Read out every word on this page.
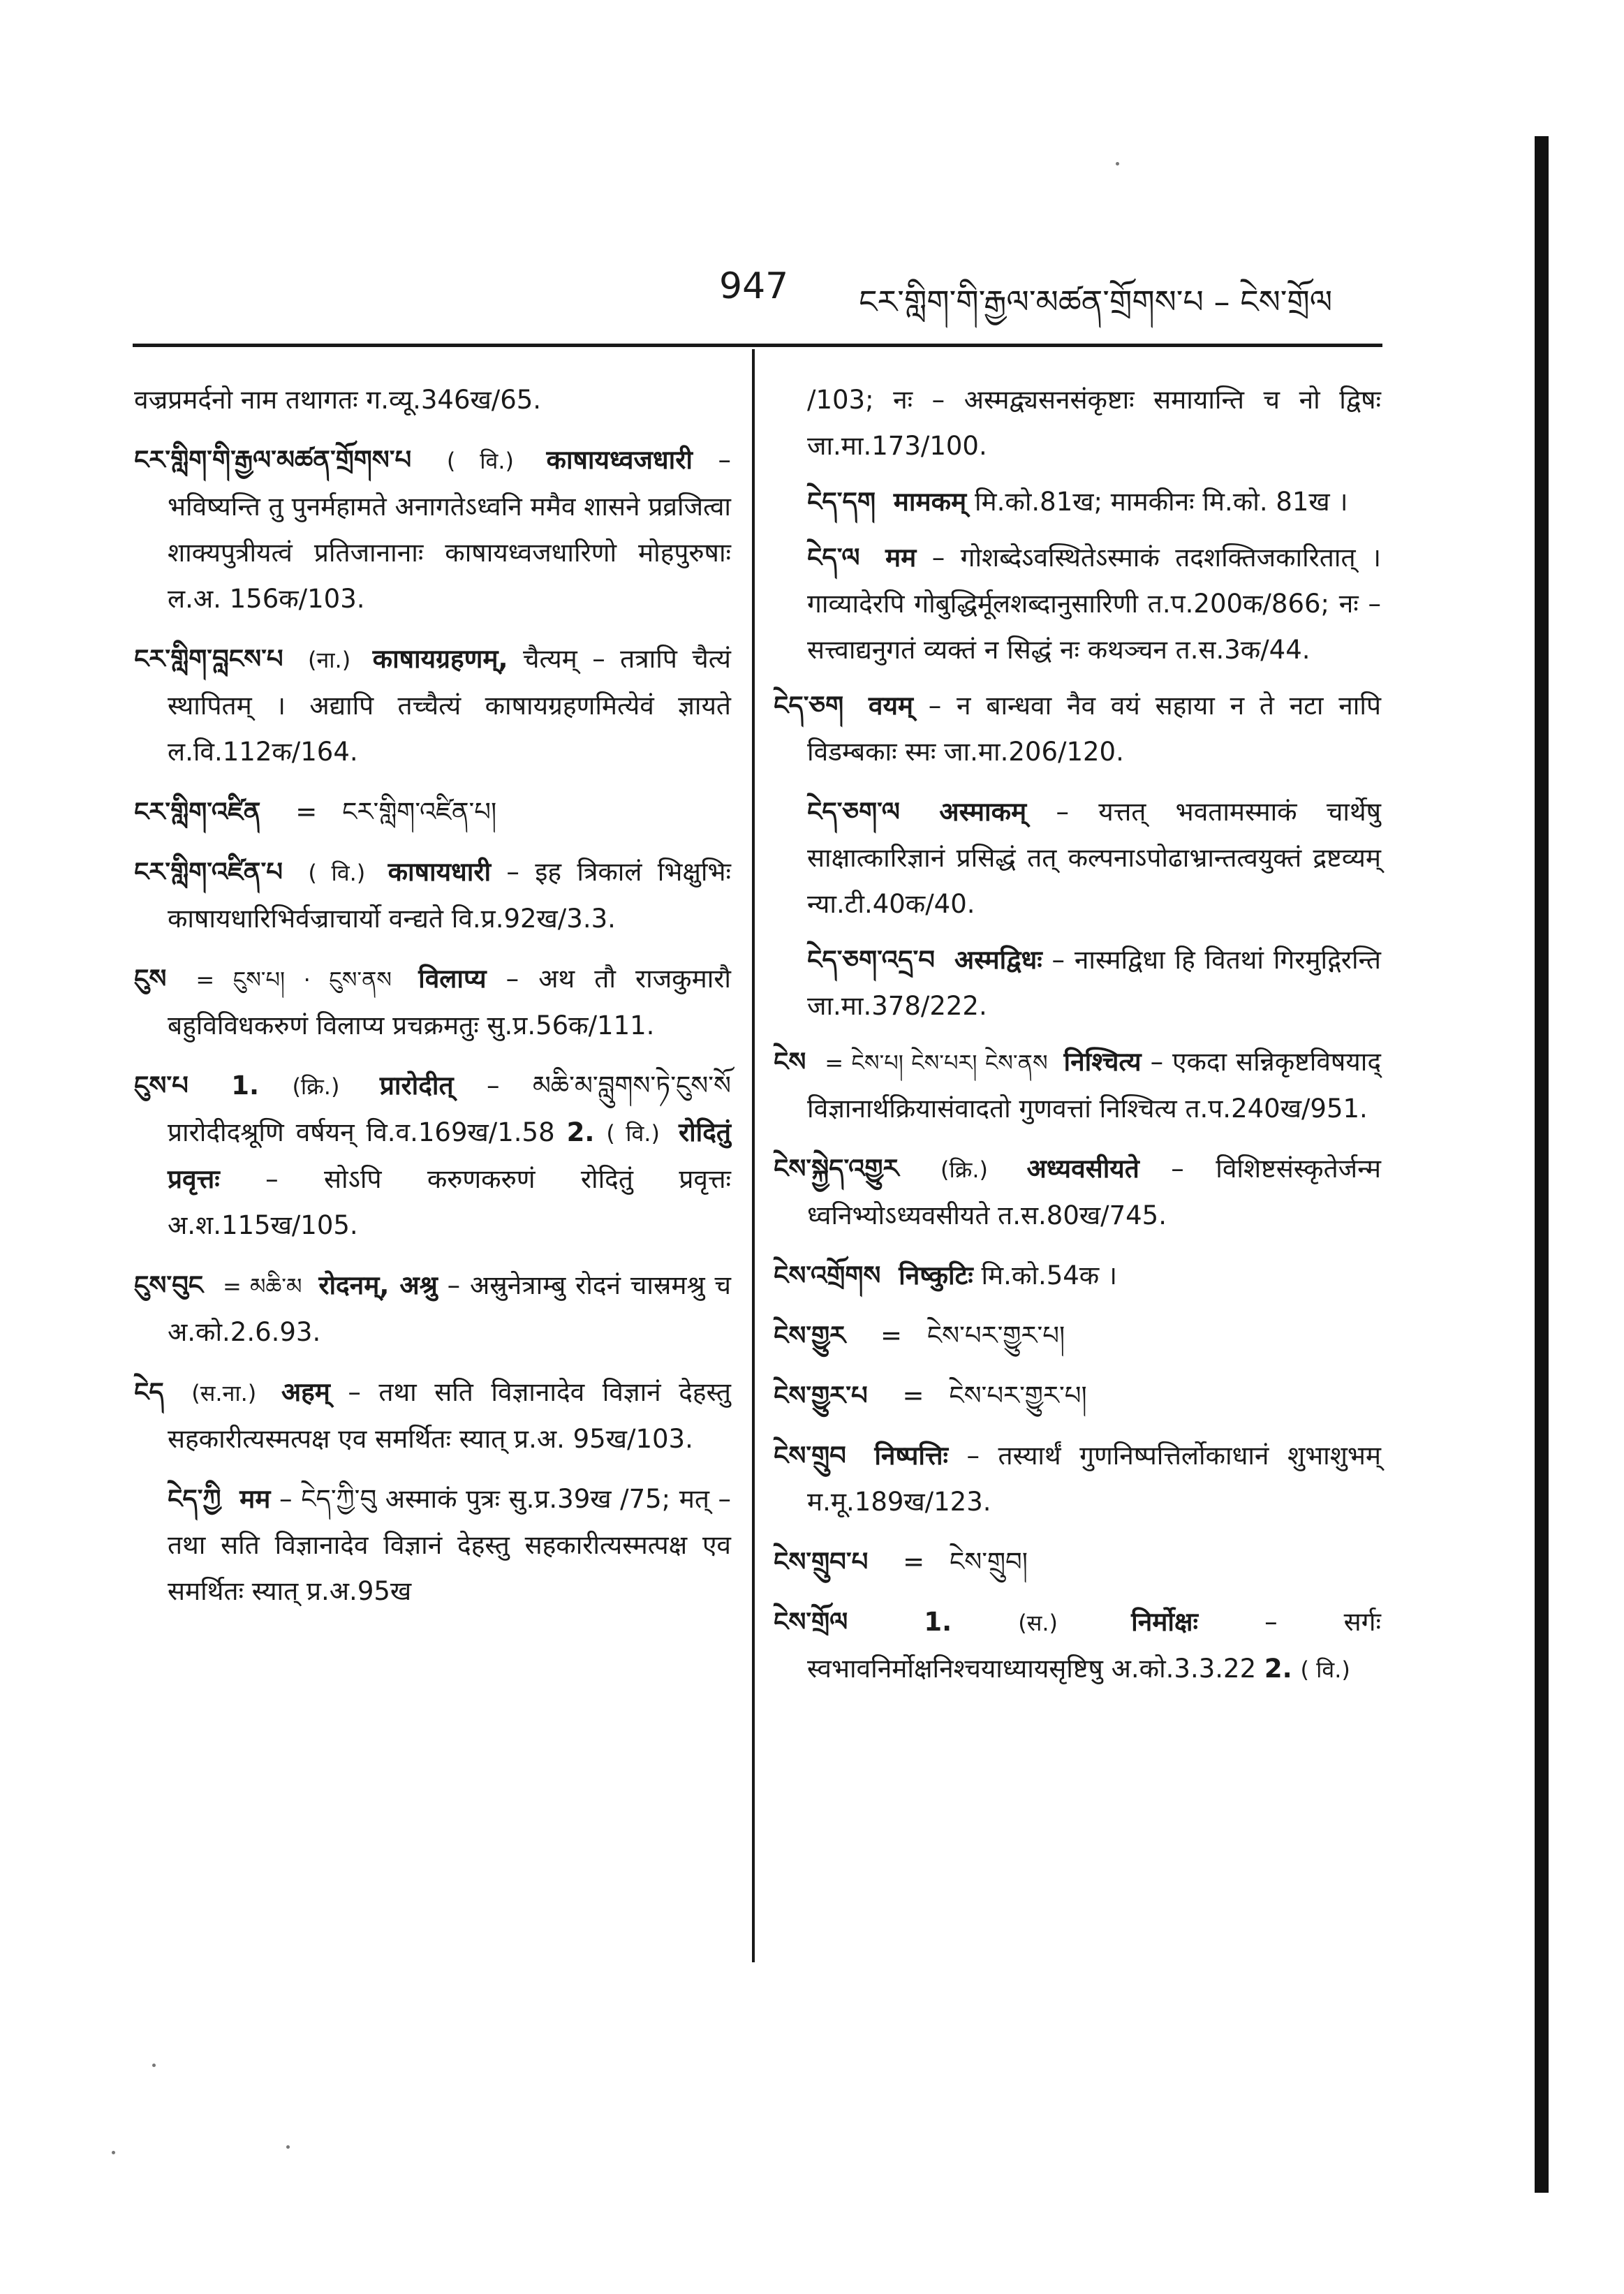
947 ངར་གླིག་གི་རྒྱལ་མཚན་གྲོགས་པ – ངེས་གྲོལ

वज्रप्रमर्दनो नाम तथागतः ग.व्यू.346ख/65.

ངར་གླིག་གི་རྒྱལ་མཚན་གྲོགས་པ ( वि.) काषायध्वजधारी – भविष्यन्ति तु पुनर्महामते अनागतेऽध्वनि ममैव शासने प्रव्रजित्वा शाक्यपुत्रीयत्वं प्रतिजानानाः काषायध्वजधारिणो मोहपुरुषाः ल.अ. 156क/103.

ངར་གླིག་བླངས་པ (ना.) काषायग्रहणम्, चैत्यम् – तत्रापि चैत्यं स्थापितम् । अद्यापि तच्चैत्यं काषायग्रहणमित्येवं ज्ञायते ल.वि.112क/164.

ངར་གླིག་འཛིན = ངར་གླིག་འཛིན་པ།

ངར་གླིག་འཛིན་པ ( वि.) काषायधारी – इह त्रिकालं भिक्षुभिः काषायधारिभिर्वज्राचार्यो वन्द्यते वि.प्र.92ख/3.3.

ངུས = ངུས་པ། · ངུས་ནས विलाप्य – अथ तौ राजकुमारौ बहुविविधकरुणं विलाप्य प्रचक्रमतुः सु.प्र.56क/111.

ངུས་པ 1. (क्रि.) प्रारोदीत् – མཆི་མ་བླུགས་ཏེ་ངུས་སོ प्रारोदीदश्रूणि वर्षयन् वि.व.169ख/1.58 2. ( वि.) रोदितुं प्रवृत्तः – सोऽपि करुणकरुणं रोदितुं प्रवृत्तः अ.श.115ख/105.

ངུས་བུང = མཆི་མ रोदनम्, अश्रु – अस्रुनेत्राम्बु रोदनं चास्रमश्रु च अ.को.2.6.93.

ངེད (स.ना.) अहम् – तथा सति विज्ञानादेव विज्ञानं देहस्तु सहकारीत्यस्मत्पक्ष एव समर्थितः स्यात् प्र.अ. 95ख/103.

ངེད་ཀྱི मम – ངེད་ཀྱི་བུ अस्माकं पुत्रः सु.प्र.39ख /75; मत् – तथा सति विज्ञानादेव विज्ञानं देहस्तु सहकारीत्यस्मत्पक्ष एव समर्थितः स्यात् प्र.अ.95ख

/103; नः – अस्मद्व्यसनसंकृष्टाः समायान्ति च नो द्विषः जा.मा.173/100.

ངེད་དག मामकम् मि.को.81ख; मामकीनः मि.को. 81ख ।

ངེད་ལ मम – गोशब्देऽवस्थितेऽस्माकं तदशक्तिजकारितात् । गाव्यादेरपि गोबुद्धिर्मूलशब्दानुसारिणी त.प.200क/866; नः – सत्त्वाद्यनुगतं व्यक्तं न सिद्धं नः कथञ्चन त.स.3क/44.

ངེད་ཅག वयम् – न बान्धवा नैव वयं सहाया न ते नटा नापि विडम्बकाः स्मः जा.मा.206/120.

ངེད་ཅག་ལ अस्माकम् – यत्तत् भवतामस्माकं चार्थेषु साक्षात्कारिज्ञानं प्रसिद्धं तत् कल्पनाऽपोढाभ्रान्तत्वयुक्तं द्रष्टव्यम् न्या.टी.40क/40.

ངེད་ཅག་འདྲ་བ अस्मद्विधः – नास्मद्विधा हि वितथां गिरमुद्गिरन्ति जा.मा.378/222.

ངེས = ངེས་པ། ངེས་པར། ངེས་ནས निश्चित्य – एकदा सन्निकृष्टविषयाद् विज्ञानार्थक्रियासंवादतो गुणवत्तां निश्चित्य त.प.240ख/951.

ངེས་སྐྱེད་འགྱུར (क्रि.) अध्यवसीयते – विशिष्टसंस्कृतेर्जन्म ध्वनिभ्योऽध्यवसीयते त.स.80ख/745.

ངེས་འགྲོགས निष्कुटिः मि.को.54क ।

ངེས་གྱུར = ངེས་པར་གྱུར་པ།

ངེས་གྱུར་པ = ངེས་པར་གྱུར་པ།

ངེས་གྲུབ निष्पत्तिः – तस्यार्थं गुणनिष्पत्तिर्लोकाधानं शुभाशुभम् म.मू.189ख/123.

ངེས་གྲུབ་པ = ངེས་གྲུབ།

ངེས་གྲོལ	1.	(स.)	निर्मोक्षः	– सर्गः स्वभावनिर्मोक्षनिश्चयाध्यायसृष्टिषु अ.को.3.3.22 2. ( वि.)
